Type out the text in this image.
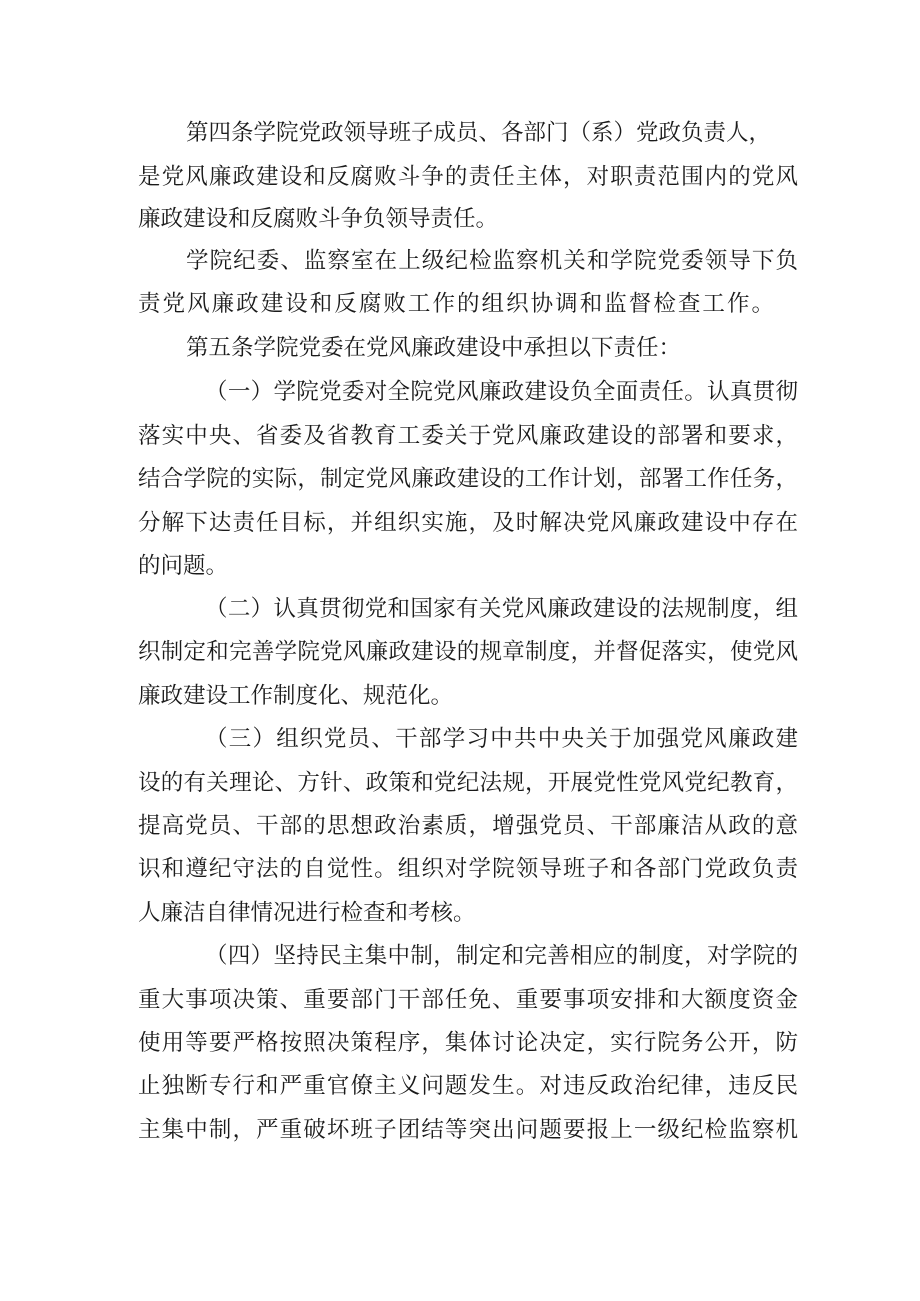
第四条学院党政领导班子成员、各部门（系）党政负责人，
是党风廉政建设和反腐败斗争的责任主体，对职责范围内的党风
廉政建设和反腐败斗争负领导责任。
学院纪委、监察室在上级纪检监察机关和学院党委领导下负
责党风廉政建设和反腐败工作的组织协调和监督检查工作。
第五条学院党委在党风廉政建设中承担以下责任：
（一）学院党委对全院党风廉政建设负全面责任。认真贯彻
落实中央、省委及省教育工委关于党风廉政建设的部署和要求，
结合学院的实际，制定党风廉政建设的工作计划，部署工作任务，
分解下达责任目标，并组织实施，及时解决党风廉政建设中存在
的问题。
（二）认真贯彻党和国家有关党风廉政建设的法规制度，组
织制定和完善学院党风廉政建设的规章制度，并督促落实，使党风
廉政建设工作制度化、规范化。
（三）组织党员、干部学习中共中央关于加强党风廉政建
设的有关理论、方针、政策和党纪法规，开展党性党风党纪教育，
提高党员、干部的思想政治素质，增强党员、干部廉洁从政的意
识和遵纪守法的自觉性。组织对学院领导班子和各部门党政负责
人廉洁自律情况进行检查和考核。
（四）坚持民主集中制，制定和完善相应的制度，对学院的
重大事项决策、重要部门干部任免、重要事项安排和大额度资金
使用等要严格按照决策程序，集体讨论决定，实行院务公开，防
止独断专行和严重官僚主义问题发生。对违反政治纪律，违反民
主集中制，严重破坏班子团结等突出问题要报上一级纪检监察机
